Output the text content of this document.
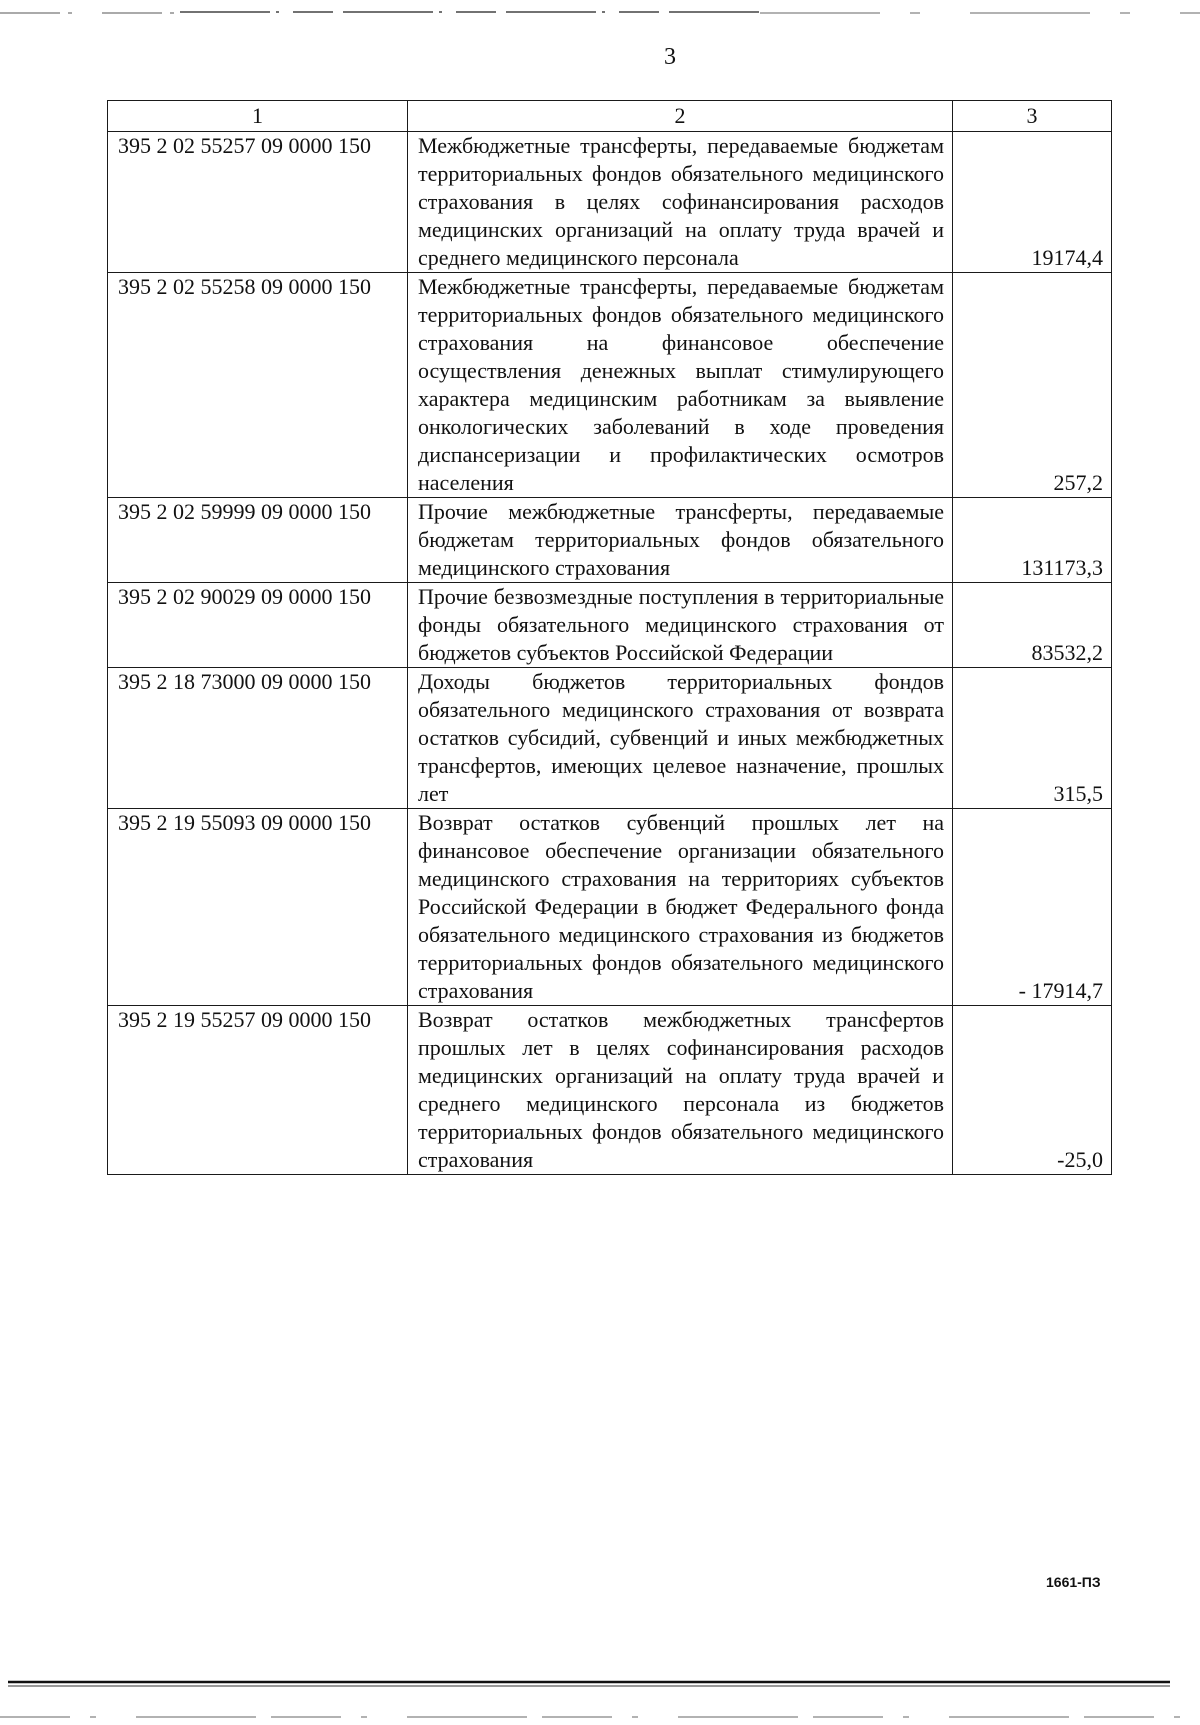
3
1	2	3
395 2 02 55257 09 0000 150	Межбюджетные трансферты, передаваемые бюджетам территориальных фондов обязательного медицинского страхования в целях софинансирования расходов медицинских организаций на оплату труда врачей и среднего медицинского персонала	19174,4
395 2 02 55258 09 0000 150	Межбюджетные трансферты, передаваемые бюджетам территориальных фондов обязательного медицинского страхования на финансовое обеспечение осуществления денежных выплат стимулирующего характера медицинским работникам за выявление онкологических заболеваний в ходе проведения диспансеризации и профилактических осмотров населения	257,2
395 2 02 59999 09 0000 150	Прочие межбюджетные трансферты, передаваемые бюджетам территориальных фондов обязательного медицинского страхования	131173,3
395 2 02 90029 09 0000 150	Прочие безвозмездные поступления в территориальные фонды обязательного медицинского страхования от бюджетов субъектов Российской Федерации	83532,2
395 2 18 73000 09 0000 150	Доходы бюджетов территориальных фондов обязательного медицинского страхования от возврата остатков субсидий, субвенций и иных межбюджетных трансфертов, имеющих целевое назначение, прошлых лет	315,5
395 2 19 55093 09 0000 150	Возврат остатков субвенций прошлых лет на финансовое обеспечение организации обязательного медицинского страхования на территориях субъектов Российской Федерации в бюджет Федерального фонда обязательного медицинского страхования из бюджетов территориальных фондов обязательного медицинского страхования	- 17914,7
395 2 19 55257 09 0000 150	Возврат остатков межбюджетных трансфертов прошлых лет в целях софинансирования расходов медицинских организаций на оплату труда врачей и среднего медицинского персонала из бюджетов территориальных фондов обязательного медицинского страхования	-25,0
1661-ПЗ
